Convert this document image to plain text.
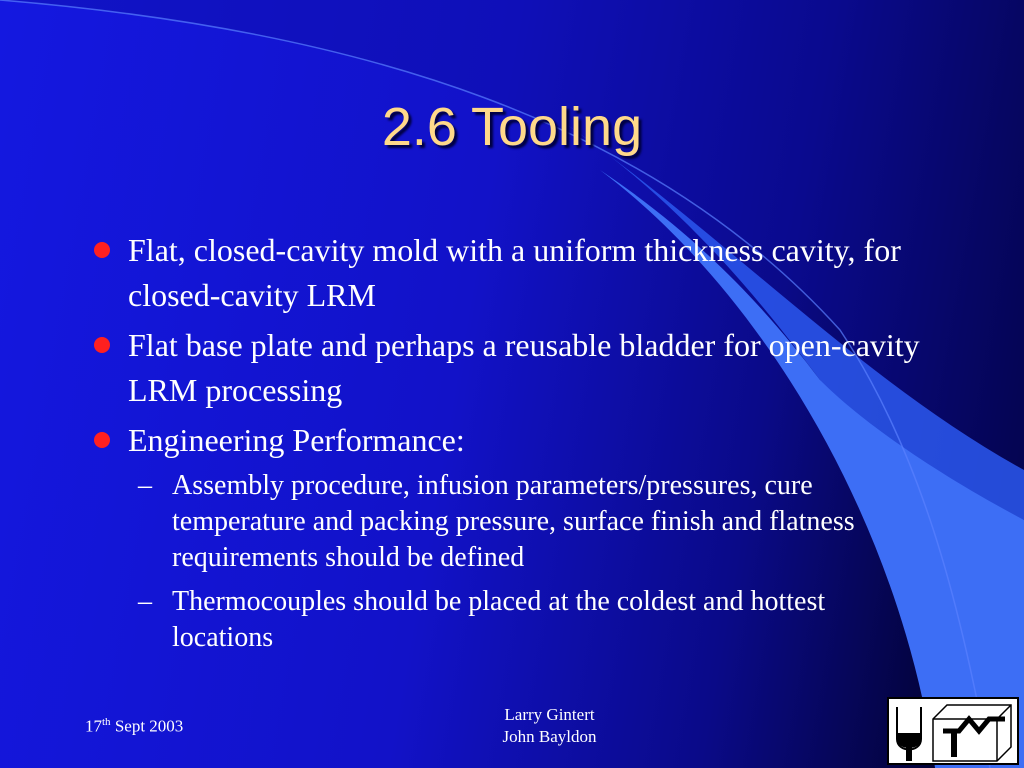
2.6 Tooling
Flat, closed-cavity mold with a uniform thickness cavity, for closed-cavity LRM
Flat base plate and perhaps a reusable bladder for open-cavity LRM processing
Engineering Performance:
– Assembly procedure, infusion parameters/pressures, cure temperature and packing pressure, surface finish and flatness requirements should be defined
– Thermocouples should be placed at the coldest and hottest locations
17th Sept 2003
Larry Gintert
John Bayldon
